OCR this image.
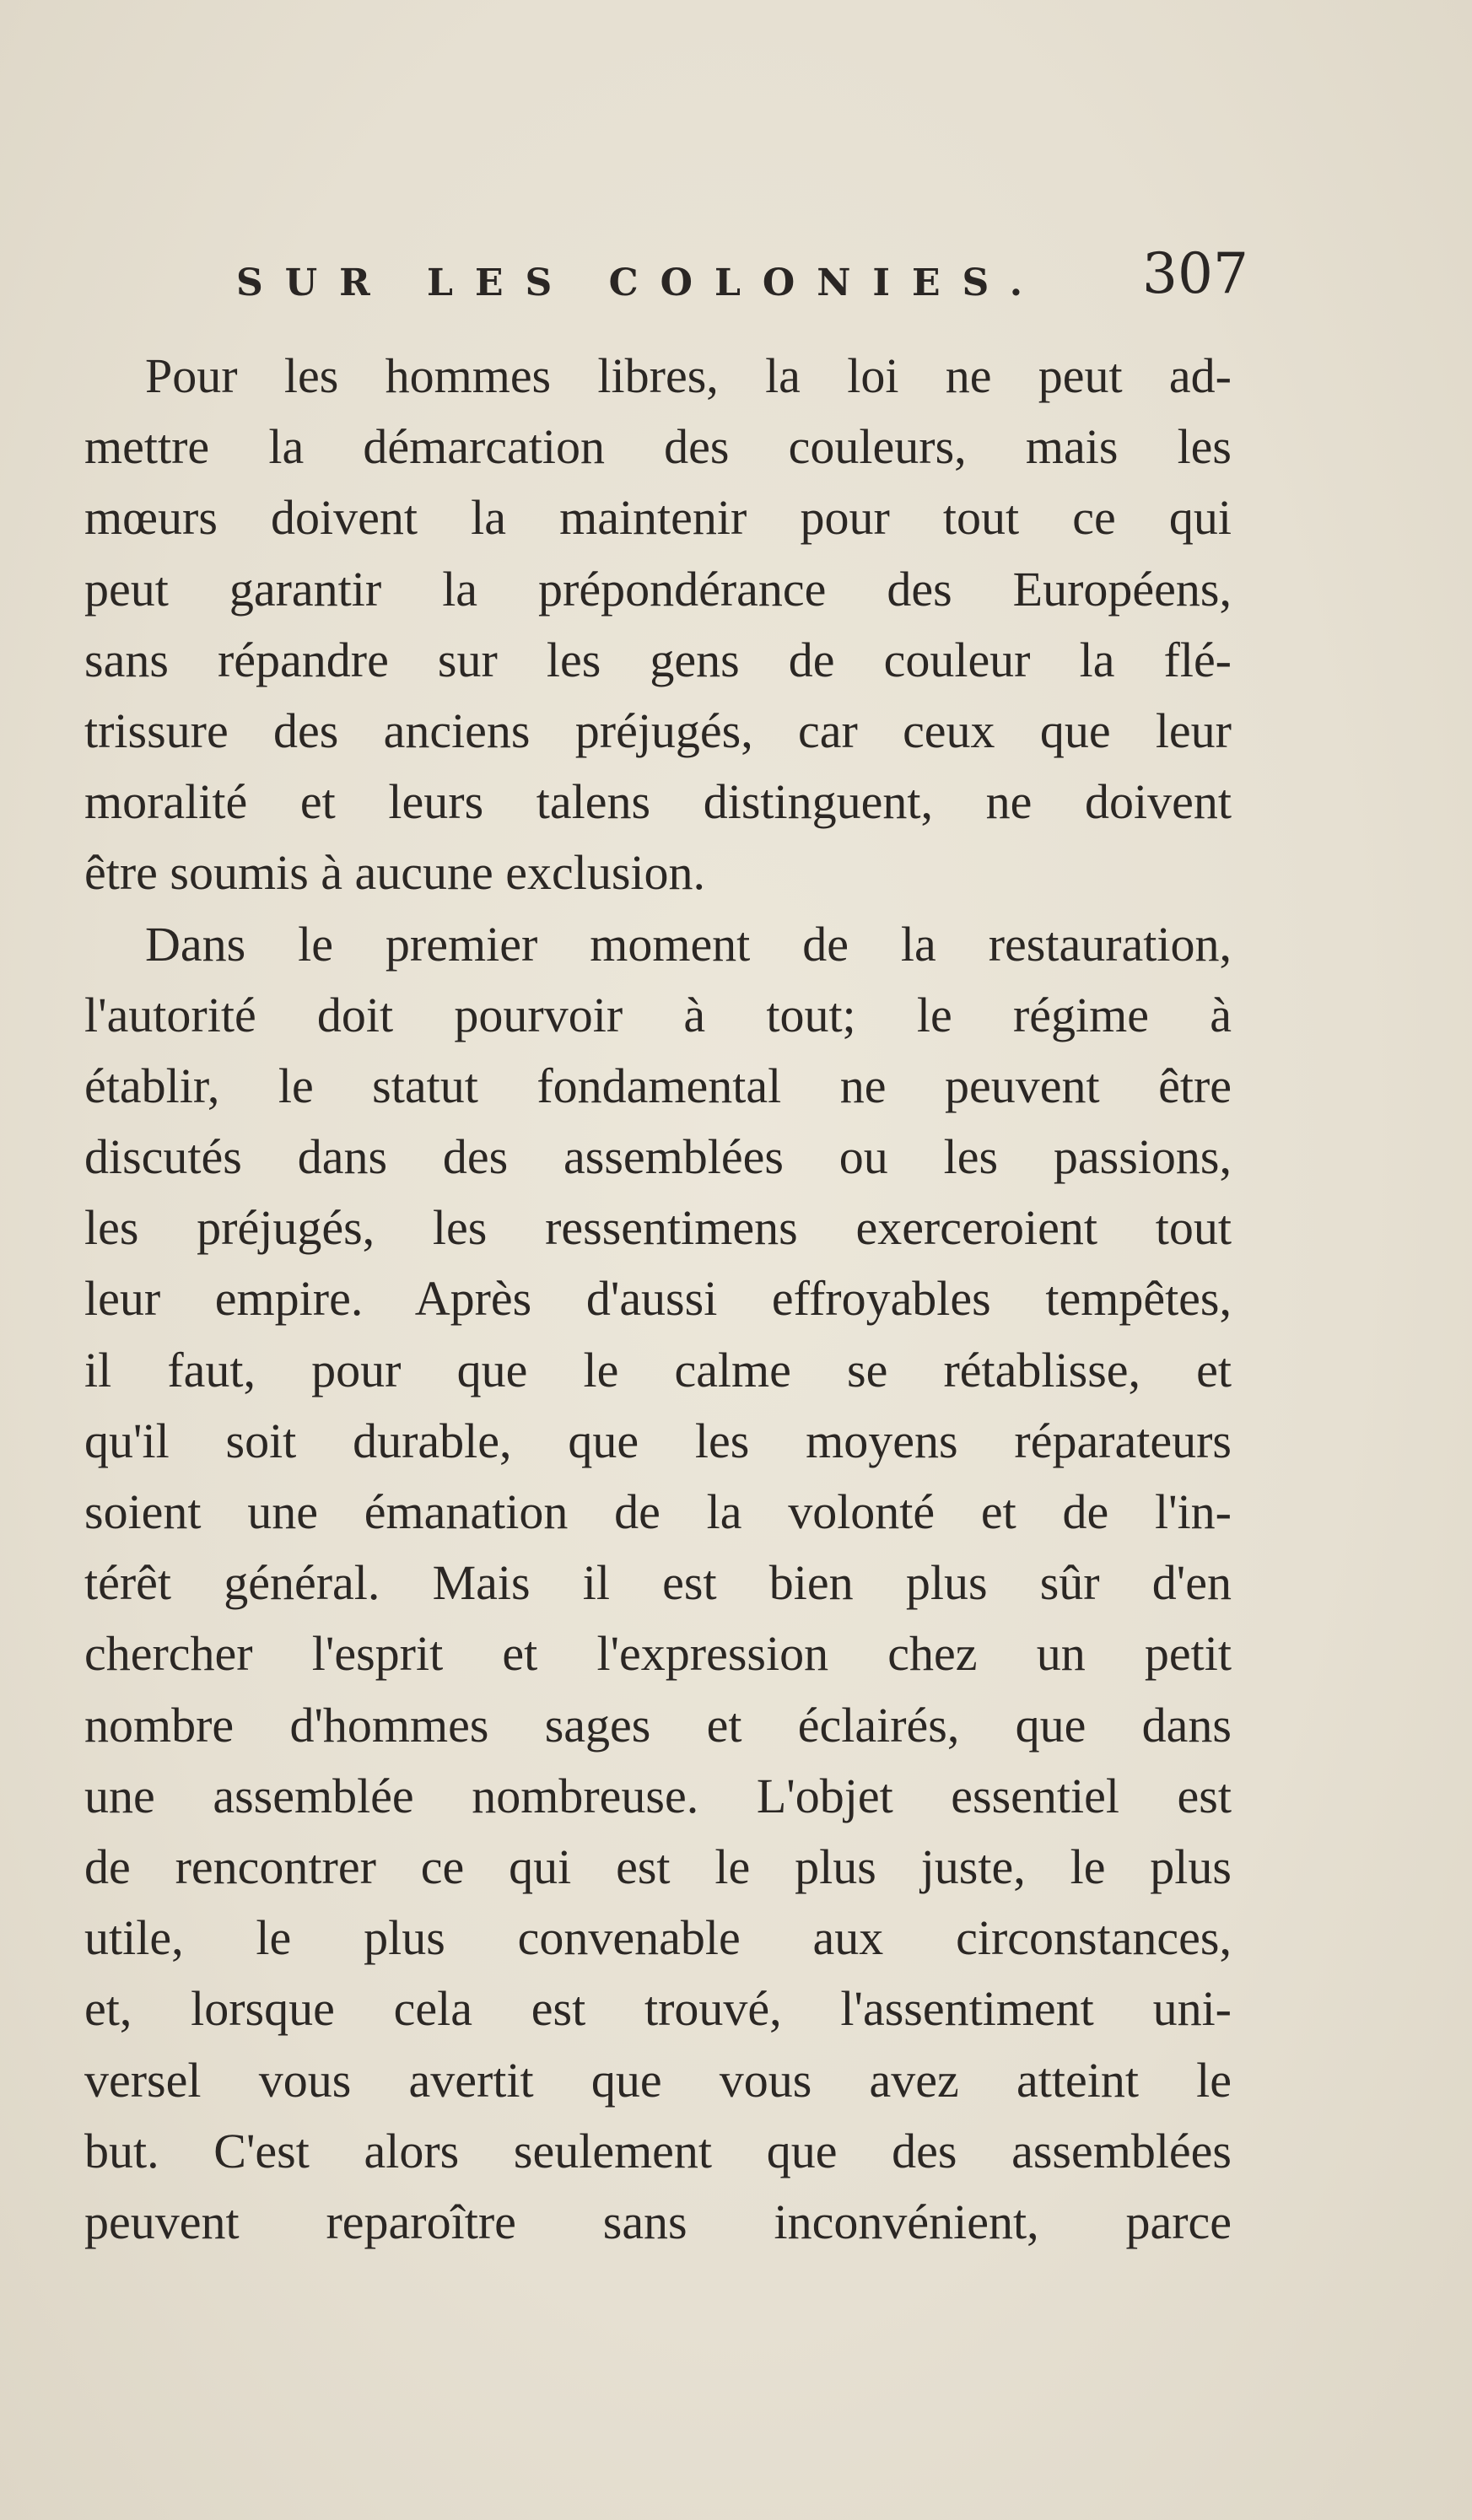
SUR LES COLONIES. 307
Pour les hommes libres, la loi ne peut ad-
mettre la démarcation des couleurs, mais les
mœurs doivent la maintenir pour tout ce qui
peut garantir la prépondérance des Européens,
sans répandre sur les gens de couleur la flé-
trissure des anciens préjugés, car ceux que leur
moralité et leurs talens distinguent, ne doivent
être soumis à aucune exclusion.
Dans le premier moment de la restauration,
l'autorité doit pourvoir à tout; le régime à
établir, le statut fondamental ne peuvent être
discutés dans des assemblées ou les passions,
les préjugés, les ressentimens exerceroient tout
leur empire. Après d'aussi effroyables tempêtes,
il faut, pour que le calme se rétablisse, et
qu'il soit durable, que les moyens réparateurs
soient une émanation de la volonté et de l'in-
térêt général. Mais il est bien plus sûr d'en
chercher l'esprit et l'expression chez un petit
nombre d'hommes sages et éclairés, que dans
une assemblée nombreuse. L'objet essentiel est
de rencontrer ce qui est le plus juste, le plus
utile, le plus convenable aux circonstances,
et, lorsque cela est trouvé, l'assentiment uni-
versel vous avertit que vous avez atteint le
but. C'est alors seulement que des assemblées
peuvent reparoître sans inconvénient, parce
